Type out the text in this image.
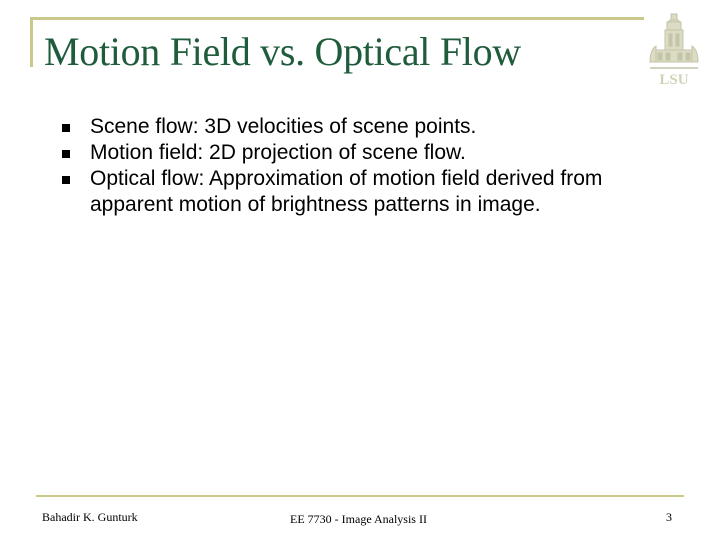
Motion Field vs. Optical Flow
LSU
Scene flow: 3D velocities of scene points.
Motion field: 2D projection of scene flow.
Optical flow: Approximation of motion field derived from apparent motion of brightness patterns in image.
Bahadir K. Gunturk	EE 7730 - Image Analysis II	3
